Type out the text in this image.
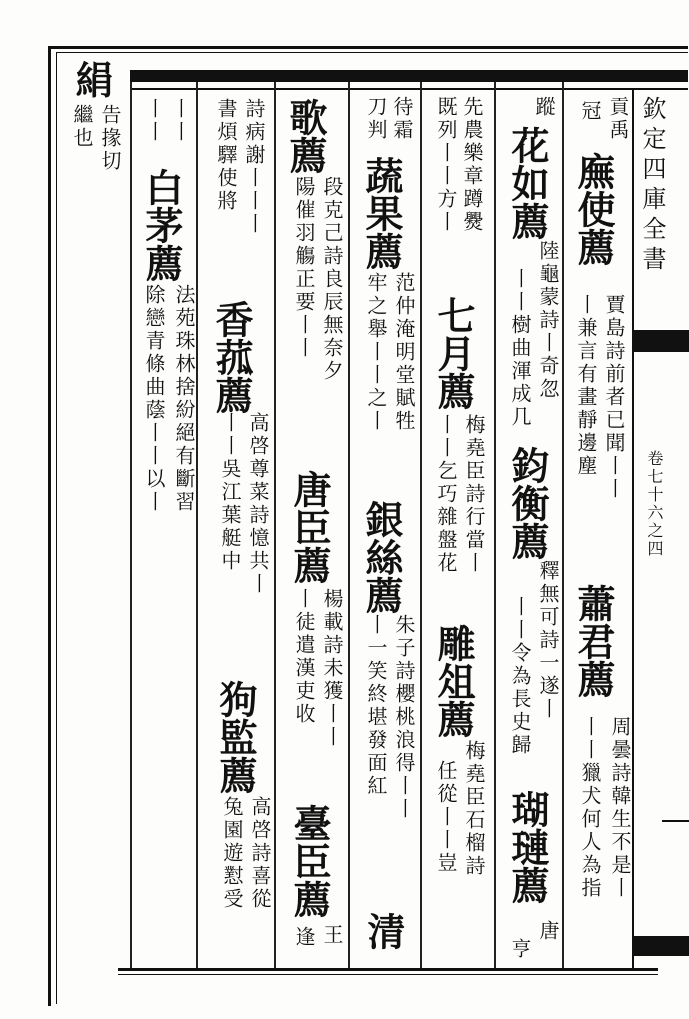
欽定四庫全書
卷七十六之四
貢禹
廡使薦
賈島詩前者已聞丨丨
冠
丨兼言有畫靜邊塵
蕭君薦
周曇詩韓生不是丨
丨丨獵犬何人為指
蹤
花如薦
陸龜蒙詩丨奇忽
丨丨樹曲渾成几
鈞衡薦
釋無可詩一遂丨
丨丨令為長史歸
瑚璉薦
唐
亨
先農樂章蹲㸑
七月薦
梅堯臣詩行當丨
既列丨丨方丨
丨丨乞巧雜盤花
雕俎薦
梅堯臣石榴詩
任從丨丨豈
待霜
蔬果薦
范仲淹明堂賦牲
刀判
牢之舉丨丨之丨
銀絲薦
朱子詩櫻桃浪得丨丨
丨一笑終堪發面紅
清
歌薦
段克己詩良辰無奈夕
陽催羽觴正要丨丨
唐臣薦
楊載詩未獲丨丨
丨徒遣漢吏收
臺臣薦
王
逢
詩病謝丨丨丨
香菰薦
高啓尊菜詩憶共丨
丨丨吳江葉艇中
狗監薦
高啓詩喜從
兔園遊懟受
書煩驛使將
丨丨
白茅薦
法苑珠林捨紛絕有斷習
丨丨
除戀青條曲蔭丨丨以丨
絹
告掾切
繼也
